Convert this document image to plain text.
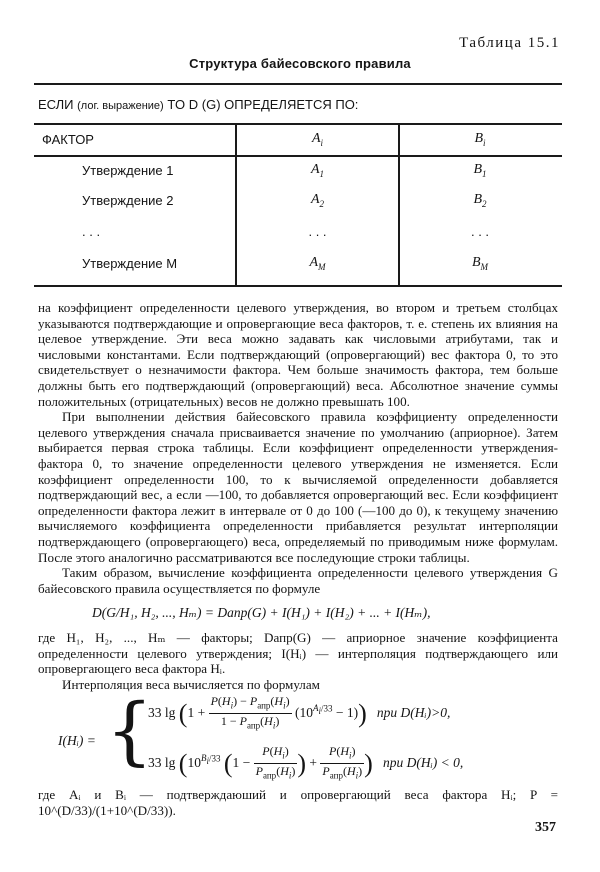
Таблица 15.1
Структура байесовского правила
ЕСЛИ (лог. выражение) TO D (G) ОПРЕДЕЛЯЕТСЯ ПО:
ФАКТОР	$A_i$	$B_i$
Утверждение 1	$A_1$	$B_1$
Утверждение 2	$A_2$	$B_2$
. . .	. . .	. . .
Утверждение M	$A_M$	$B_M$

на коэффициент определенности целевого утверждения, во втором и третьем столбцах указываются подтверждающие и опровергающие веса факторов, т. е. степень их влияния на целевое утверждение. Эти веса можно задавать как числовыми атрибутами, так и числовыми константами. Если подтверждающий (опровергающий) вес фактора 0, то это свидетельствует о незначимости фактора. Чем больше значимость фактора, тем больше должны быть его подтверждающий (опровергающий) веса. Абсолютное значение суммы положительных (отрицательных) весов не должно превышать 100.

При выполнении действия байесовского правила коэффициенту определенности целевого утверждения сначала присваивается значение по умолчанию (априорное). Затем выбирается первая строка таблицы. Если коэффициент определенности утверждения-фактора 0, то значение определенности целевого утверждения не изменяется. Если коэффициент определенности 100, то к вычисляемой определенности добавляется подтверждающий вес, а если —100, то добавляется опровергающий вес. Если коэффициент определенности фактора лежит в интервале от 0 до 100 (—100 до 0), к текущему значению вычисляемого коэффициента определенности прибавляется результат интерполяции подтверждающего (опровергающего) веса, определяемый по приводимым ниже формулам. После этого аналогично рассматриваются все последующие строки таблицы.

Таким образом, вычисление коэффициента определенности целевого утверждения G байесовского правила осуществляется по формуле

D(G/H₁, H₂, ..., Hₘ) = Dапр(G) + I(H₁) + I(H₂) + ... + I(Hₘ),

где H₁, H₂, ..., Hₘ — факторы; Dапр(G) — априорное значение коэффициента определенности целевого утверждения; I(Hᵢ) — интерполяция подтверждающего или опровергающего веса фактора Hᵢ.

Интерполяция веса вычисляется по формулам

I(Hᵢ) = {
33 $\lg (1 + \frac{P(H_i) - P_{апр}(H_i)}{1 - P_{апр}(H_i)} (10^{A_i/33} - 1))$ при D(Hᵢ)>0,
33 $\lg (10^{B_i/33}$ ($1 - \frac{P(H_i)}{P_{апр}(H_i)}$ ) + $\frac{P(H_i)}{P_{апр}(H_i)}$ ) при D(Hᵢ) < 0,

где Aᵢ и Bᵢ — подтверждаюший и опровергающий веса фактора Hᵢ; P = 10^(D/33)/(1+10^(D/33)).

357
